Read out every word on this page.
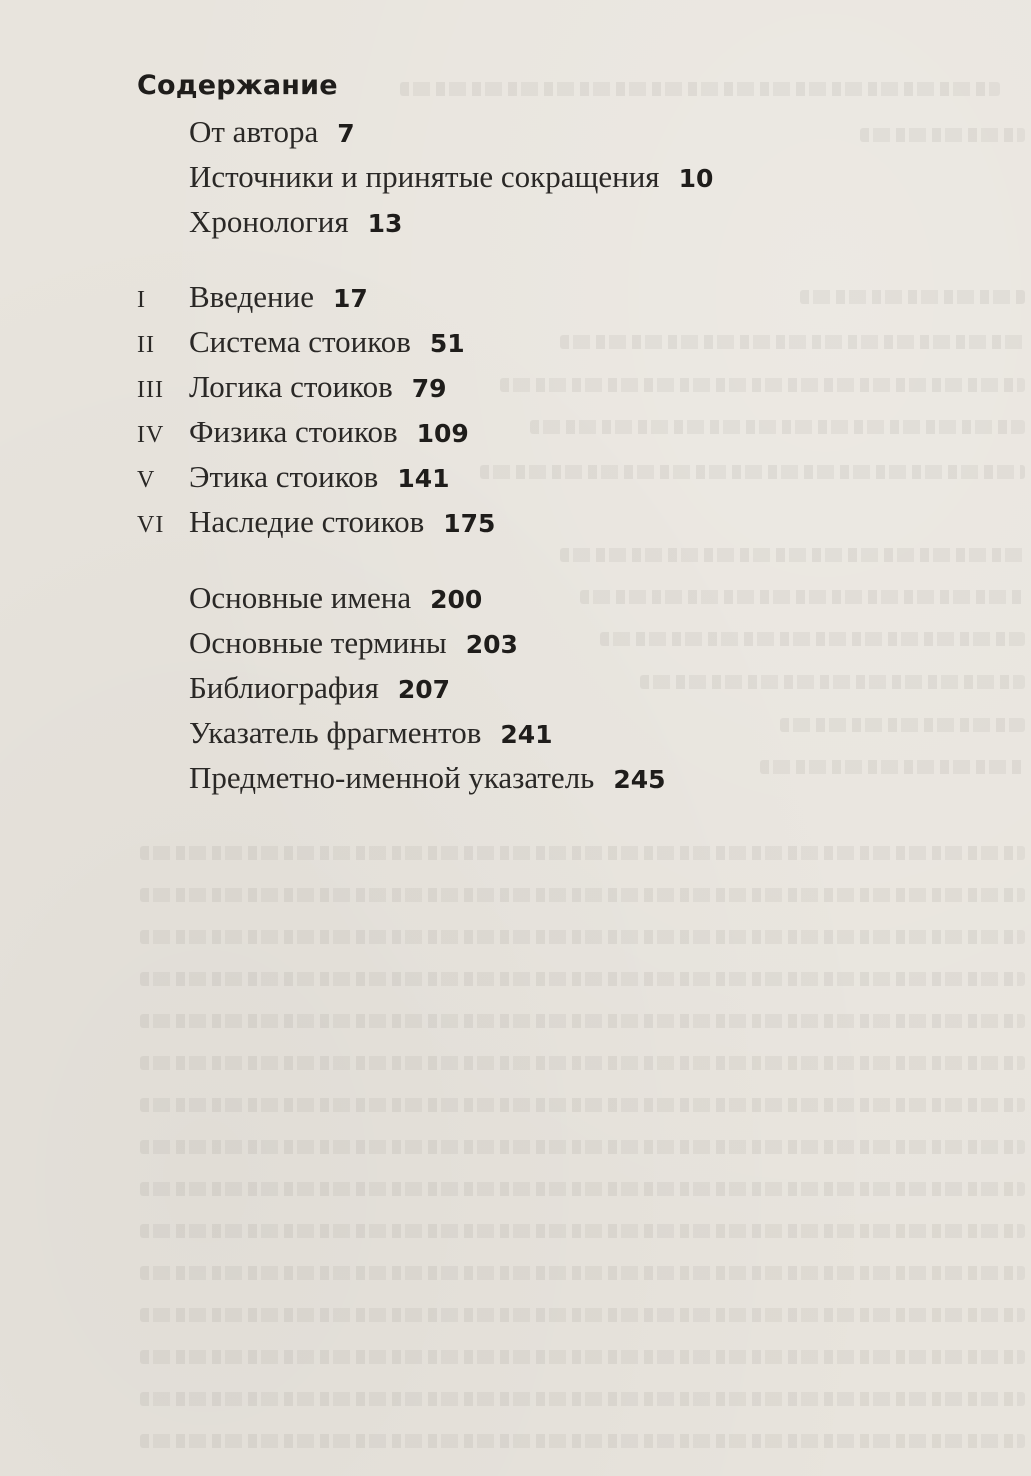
Содержание
От автора 7
Источники и принятые сокращения 10
Хронология 13
I	Введение 17
II	Система стоиков 51
III Логика стоиков 79
IV Физика стоиков 109
V	Этика стоиков 141
VI Наследие стоиков 175
Основные имена 200
Основные термины 203
Библиография 207
Указатель фрагментов 241
Предметно-именной указатель 245
